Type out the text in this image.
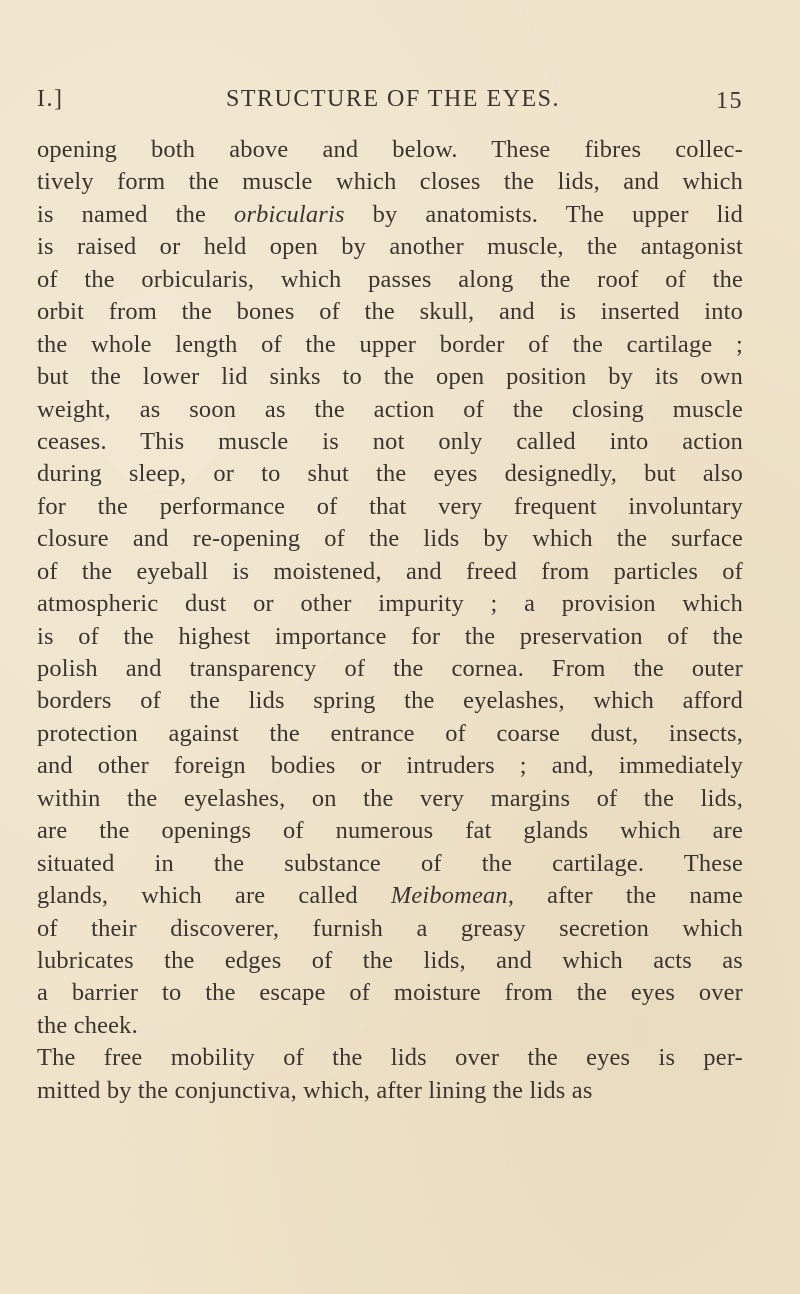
I.]	STRUCTURE OF THE EYES.	15
opening both above and below. These fibres collec-
tively form the muscle which closes the lids, and which
is named the orbicularis by anatomists. The upper lid
is raised or held open by another muscle, the antagonist
of the orbicularis, which passes along the roof of the
orbit from the bones of the skull, and is inserted into
the whole length of the upper border of the cartilage ;
but the lower lid sinks to the open position by its own
weight, as soon as the action of the closing muscle
ceases. This muscle is not only called into action
during sleep, or to shut the eyes designedly, but also
for the performance of that very frequent involuntary
closure and re-opening of the lids by which the surface
of the eyeball is moistened, and freed from particles of
atmospheric dust or other impurity ; a provision which
is of the highest importance for the preservation of the
polish and transparency of the cornea. From the outer
borders of the lids spring the eyelashes, which afford
protection against the entrance of coarse dust, insects,
and other foreign bodies or intruders ; and, immediately
within the eyelashes, on the very margins of the lids,
are the openings of numerous fat glands which are
situated in the substance of the cartilage. These
glands, which are called Meibomean, after the name
of their discoverer, furnish a greasy secretion which
lubricates the edges of the lids, and which acts as
a barrier to the escape of moisture from the eyes over
the cheek.
The free mobility of the lids over the eyes is per-
mitted by the conjunctiva, which, after lining the lids as
